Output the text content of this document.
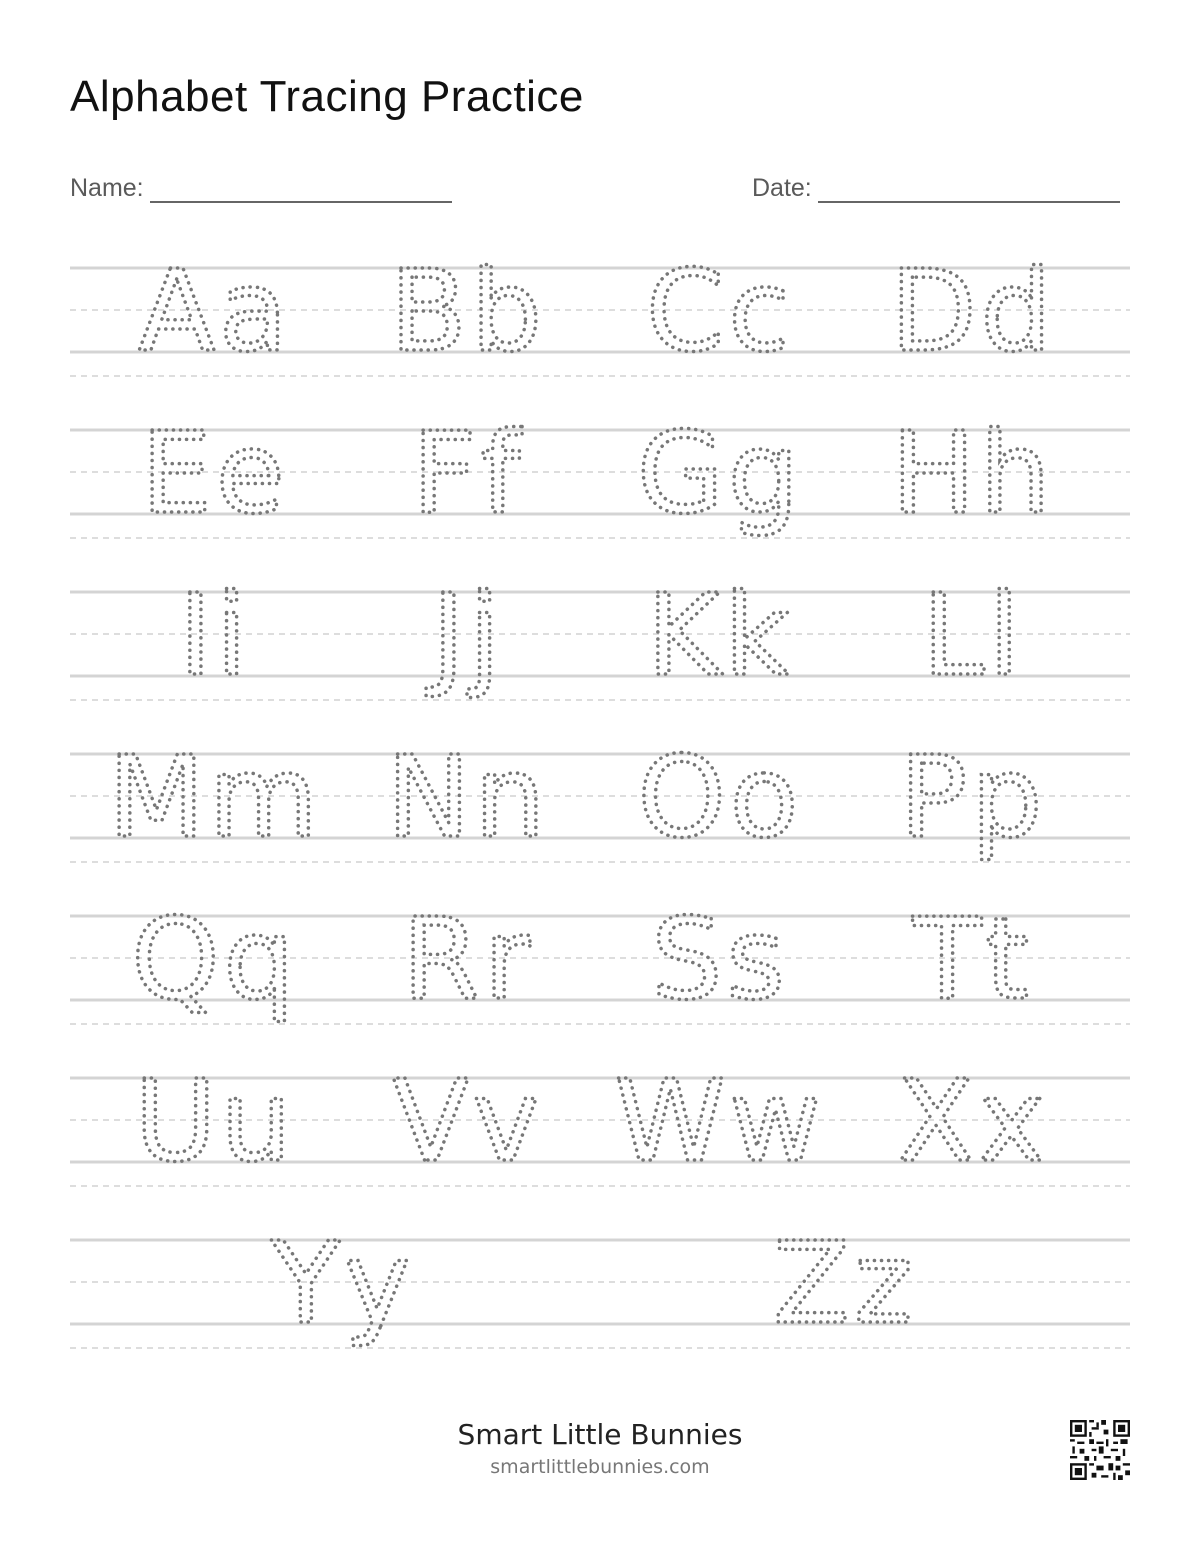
Alphabet Tracing Practice
Name:	Date:
Aa Bb Cc Dd
Ee Ff Gg Hh
Ii Jj Kk Ll
Mm Nn Oo Pp
Qq Rr Ss Tt
Uu Vv Ww Xx
Yy	Zz
Smart Little Bunnies
smartlittlebunnies.com
